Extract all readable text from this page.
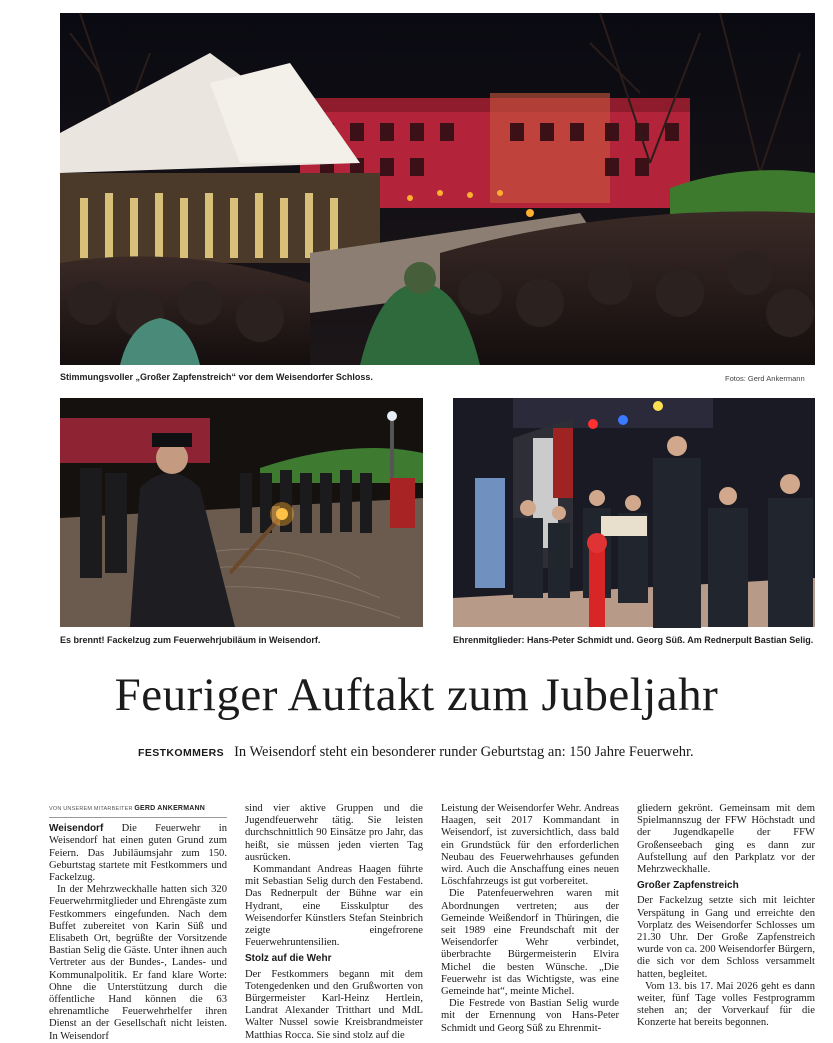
Stimmungsvoller „Großer Zapfenstreich“ vor dem Weisendorfer Schloss.	Fotos: Gerd Ankermann
Es brennt! Fackelzug zum Feuerwehrjubiläum in Weisendorf.	Ehrenmitglieder: Hans-Peter Schmidt und. Georg Süß. Am Rednerpult Bastian Selig.
Feuriger Auftakt zum Jubeljahr
FESTKOMMERS In Weisendorf steht ein besonderer runder Geburtstag an: 150 Jahre Feuerwehr.
VON UNSEREM MITARBEITER GERD ANKERMANN

Weisendorf Die Feuerwehr in Weisendorf hat einen guten Grund zum Feiern. Das Jubiläumsjahr zum 150. Geburtstag startete mit Festkommers und Fackelzug.

In der Mehrzweckhalle hatten sich 320 Feuerwehrmitglieder und Ehrengäste zum Festkommers eingefunden. Nach dem Buffet zubereitet von Karin Süß und Elisabeth Ort, begrüßte der Vorsitzende Bastian Selig die Gäste. Unter ihnen auch Vertreter aus der Bundes-, Landes- und Kommunalpolitik. Er fand klare Worte: Ohne die Unterstützung durch die öffentliche Hand können die 63 ehrenamtliche Feuerwehrhelfer ihren Dienst an der Gesellschaft nicht leisten. In Weisendorf

sind vier aktive Gruppen und die Jugendfeuerwehr tätig. Sie leisten durchschnittlich 90 Einsätze pro Jahr, das heißt, sie müssen jeden vierten Tag ausrücken.

Kommandant Andreas Haagen führte mit Sebastian Selig durch den Festabend. Das Rednerpult der Bühne war ein Hydrant, eine Eisskulptur des Weisendorfer Künstlers Stefan Steinbrich zeigte eingefrorene Feuerwehruntensilien.

Stolz auf die Wehr

Der Festkommers begann mit dem Totengedenken und den Grußworten von Bürgermeister Karl-Heinz Hertlein, Landrat Alexander Tritthart und MdL Walter Nussel sowie Kreisbrandmeister Matthias Rocca. Sie sind stolz auf die

Leistung der Weisendorfer Wehr. Andreas Haagen, seit 2017 Kommandant in Weisendorf, ist zuversichtlich, dass bald ein Grundstück für den erforderlichen Neubau des Feuerwehrhauses gefunden wird. Auch die Anschaffung eines neuen Löschfahrzeugs ist gut vorbereitet.

Die Patenfeuerwehren waren mit Abordnungen vertreten; aus der Gemeinde Weißendorf in Thüringen, die seit 1989 eine Freundschaft mit der Weisendorfer Wehr verbindet, überbrachte Bürgermeisterin Elvira Michel die besten Wünsche. „Die Feuerwehr ist das Wichtigste, was eine Gemeinde hat“, meinte Michel.

Die Festrede von Bastian Selig wurde mit der Ernennung von Hans-Peter Schmidt und Georg Süß zu Ehrenmit-

gliedern gekrönt. Gemeinsam mit dem Spielmannszug der FFW Höchstadt und der Jugendkapelle der FFW Großenseebach ging es dann zur Aufstellung auf den Parkplatz vor der Mehrzweckhalle.

Großer Zapfenstreich

Der Fackelzug setzte sich mit leichter Verspätung in Gang und erreichte den Vorplatz des Weisendorfer Schlosses um 21.30 Uhr. Der Große Zapfenstreich wurde von ca. 200 Weisendorfer Bürgern, die sich vor dem Schloss versammelt hatten, begleitet.

Vom 13. bis 17. Mai 2026 geht es dann weiter, fünf Tage volles Festprogramm stehen an; der Vorverkauf für die Konzerte hat bereits begonnen.
